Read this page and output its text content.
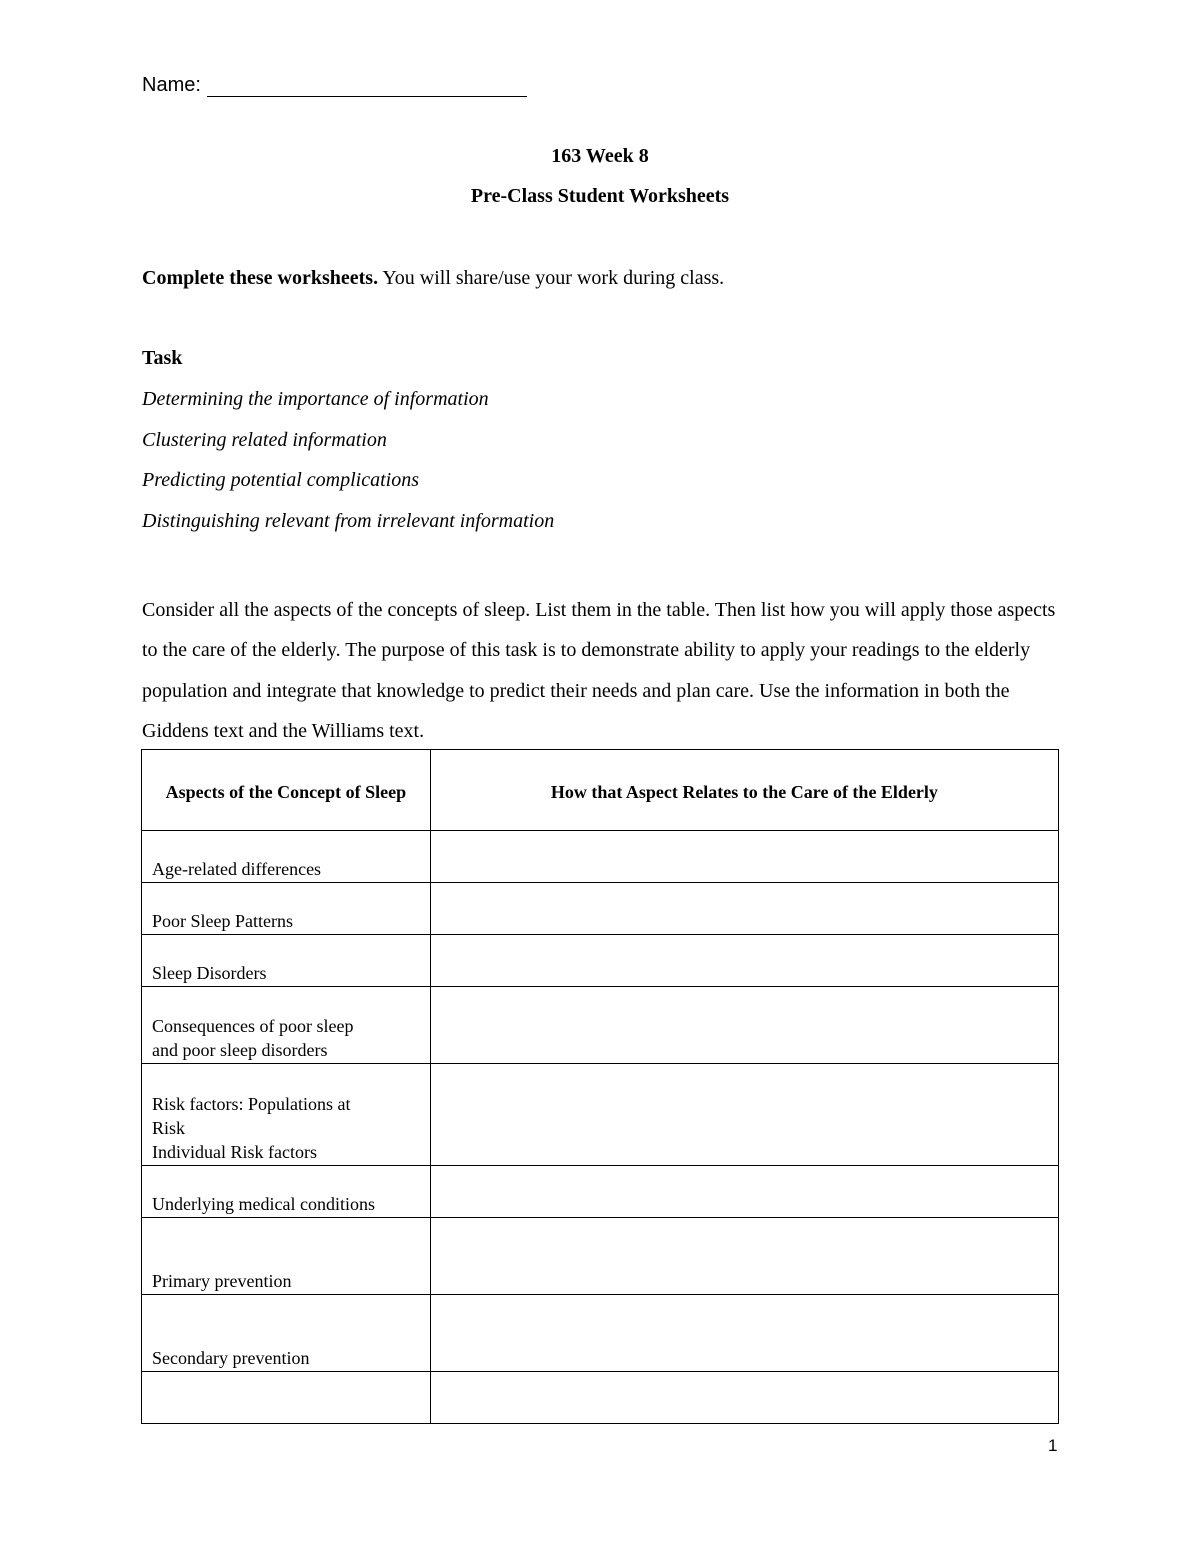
Name:
163 Week 8
Pre-Class Student Worksheets
Complete these worksheets. You will share/use your work during class.
Task
Determining the importance of information
Clustering related information
Predicting potential complications
Distinguishing relevant from irrelevant information
Consider all the aspects of the concepts of sleep. List them in the table. Then list how you will apply those aspects to the care of the elderly. The purpose of this task is to demonstrate ability to apply your readings to the elderly population and integrate that knowledge to predict their needs and plan care. Use the information in both the Giddens text and the Williams text.
Aspects of the Concept of Sleep	How that Aspect Relates to the Care of the Elderly

Age-related differences	

Poor Sleep Patterns	

Sleep Disorders	

Consequences of poor sleep
and poor sleep disorders	

Risk factors: Populations at
Risk
Individual Risk factors	

Underlying medical conditions	

Primary prevention	

Secondary prevention	

1
